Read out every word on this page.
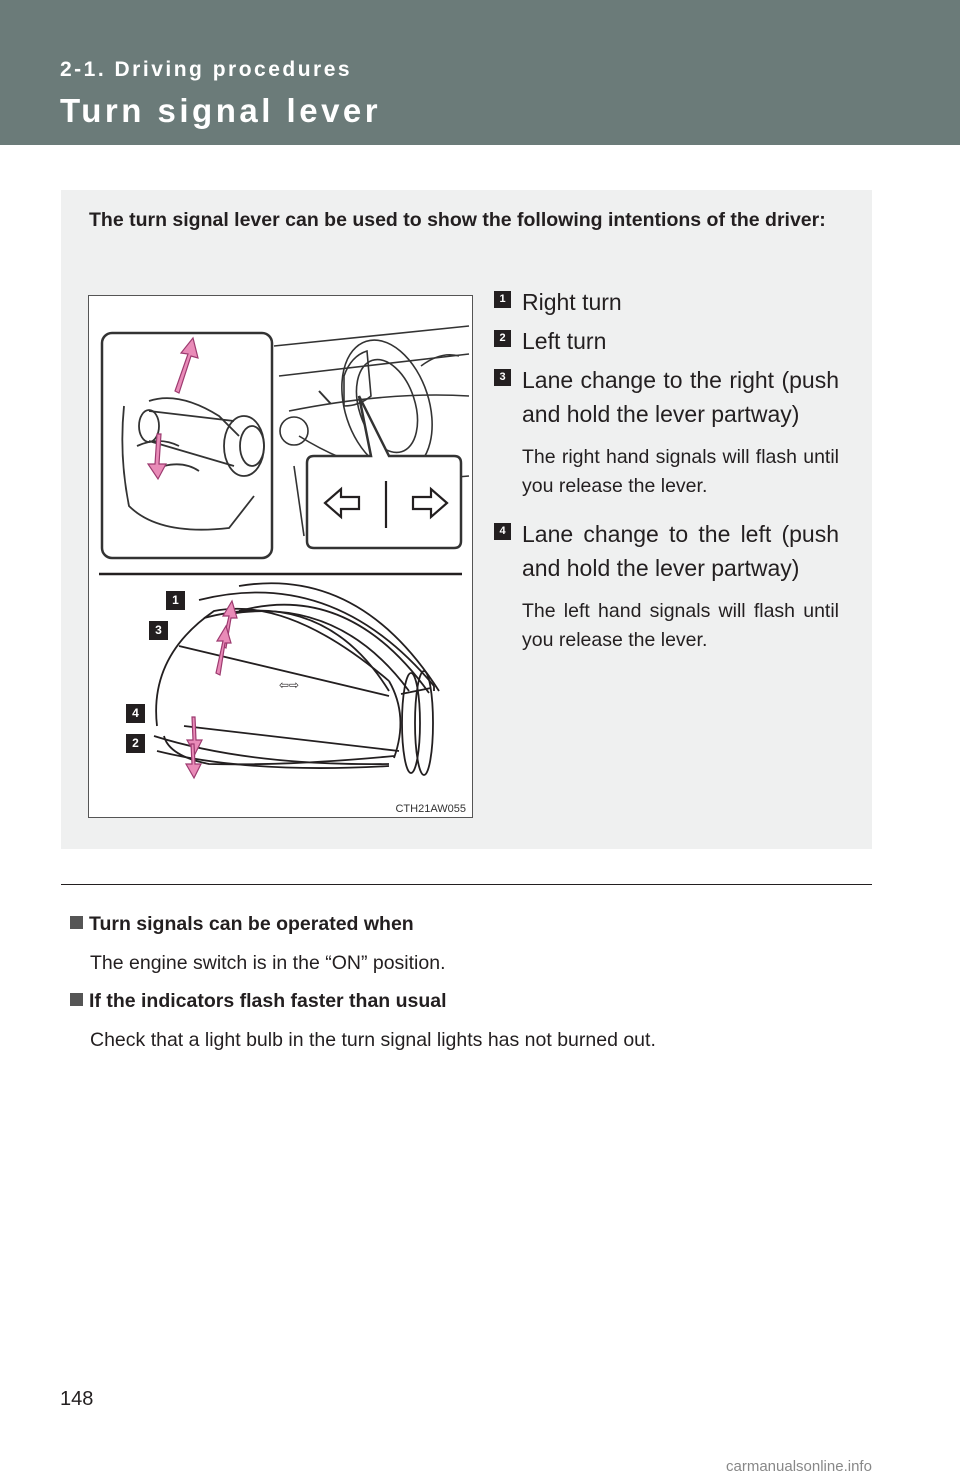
2-1. Driving procedures
Turn signal lever
The turn signal lever can be used to show the following intentions of the driver:
⇦⇨
1
3
4
2
CTH21AW055
1 Right turn
2 Left turn
3 Lane change to the right (push and hold the lever partway)
The right hand signals will flash until you release the lever.
4 Lane change to the left (push and hold the lever partway)
The left hand signals will flash until you release the lever.
Turn signals can be operated when
The engine switch is in the “ON” position.
If the indicators flash faster than usual
Check that a light bulb in the turn signal lights has not burned out.
148
carmanualsonline.info
